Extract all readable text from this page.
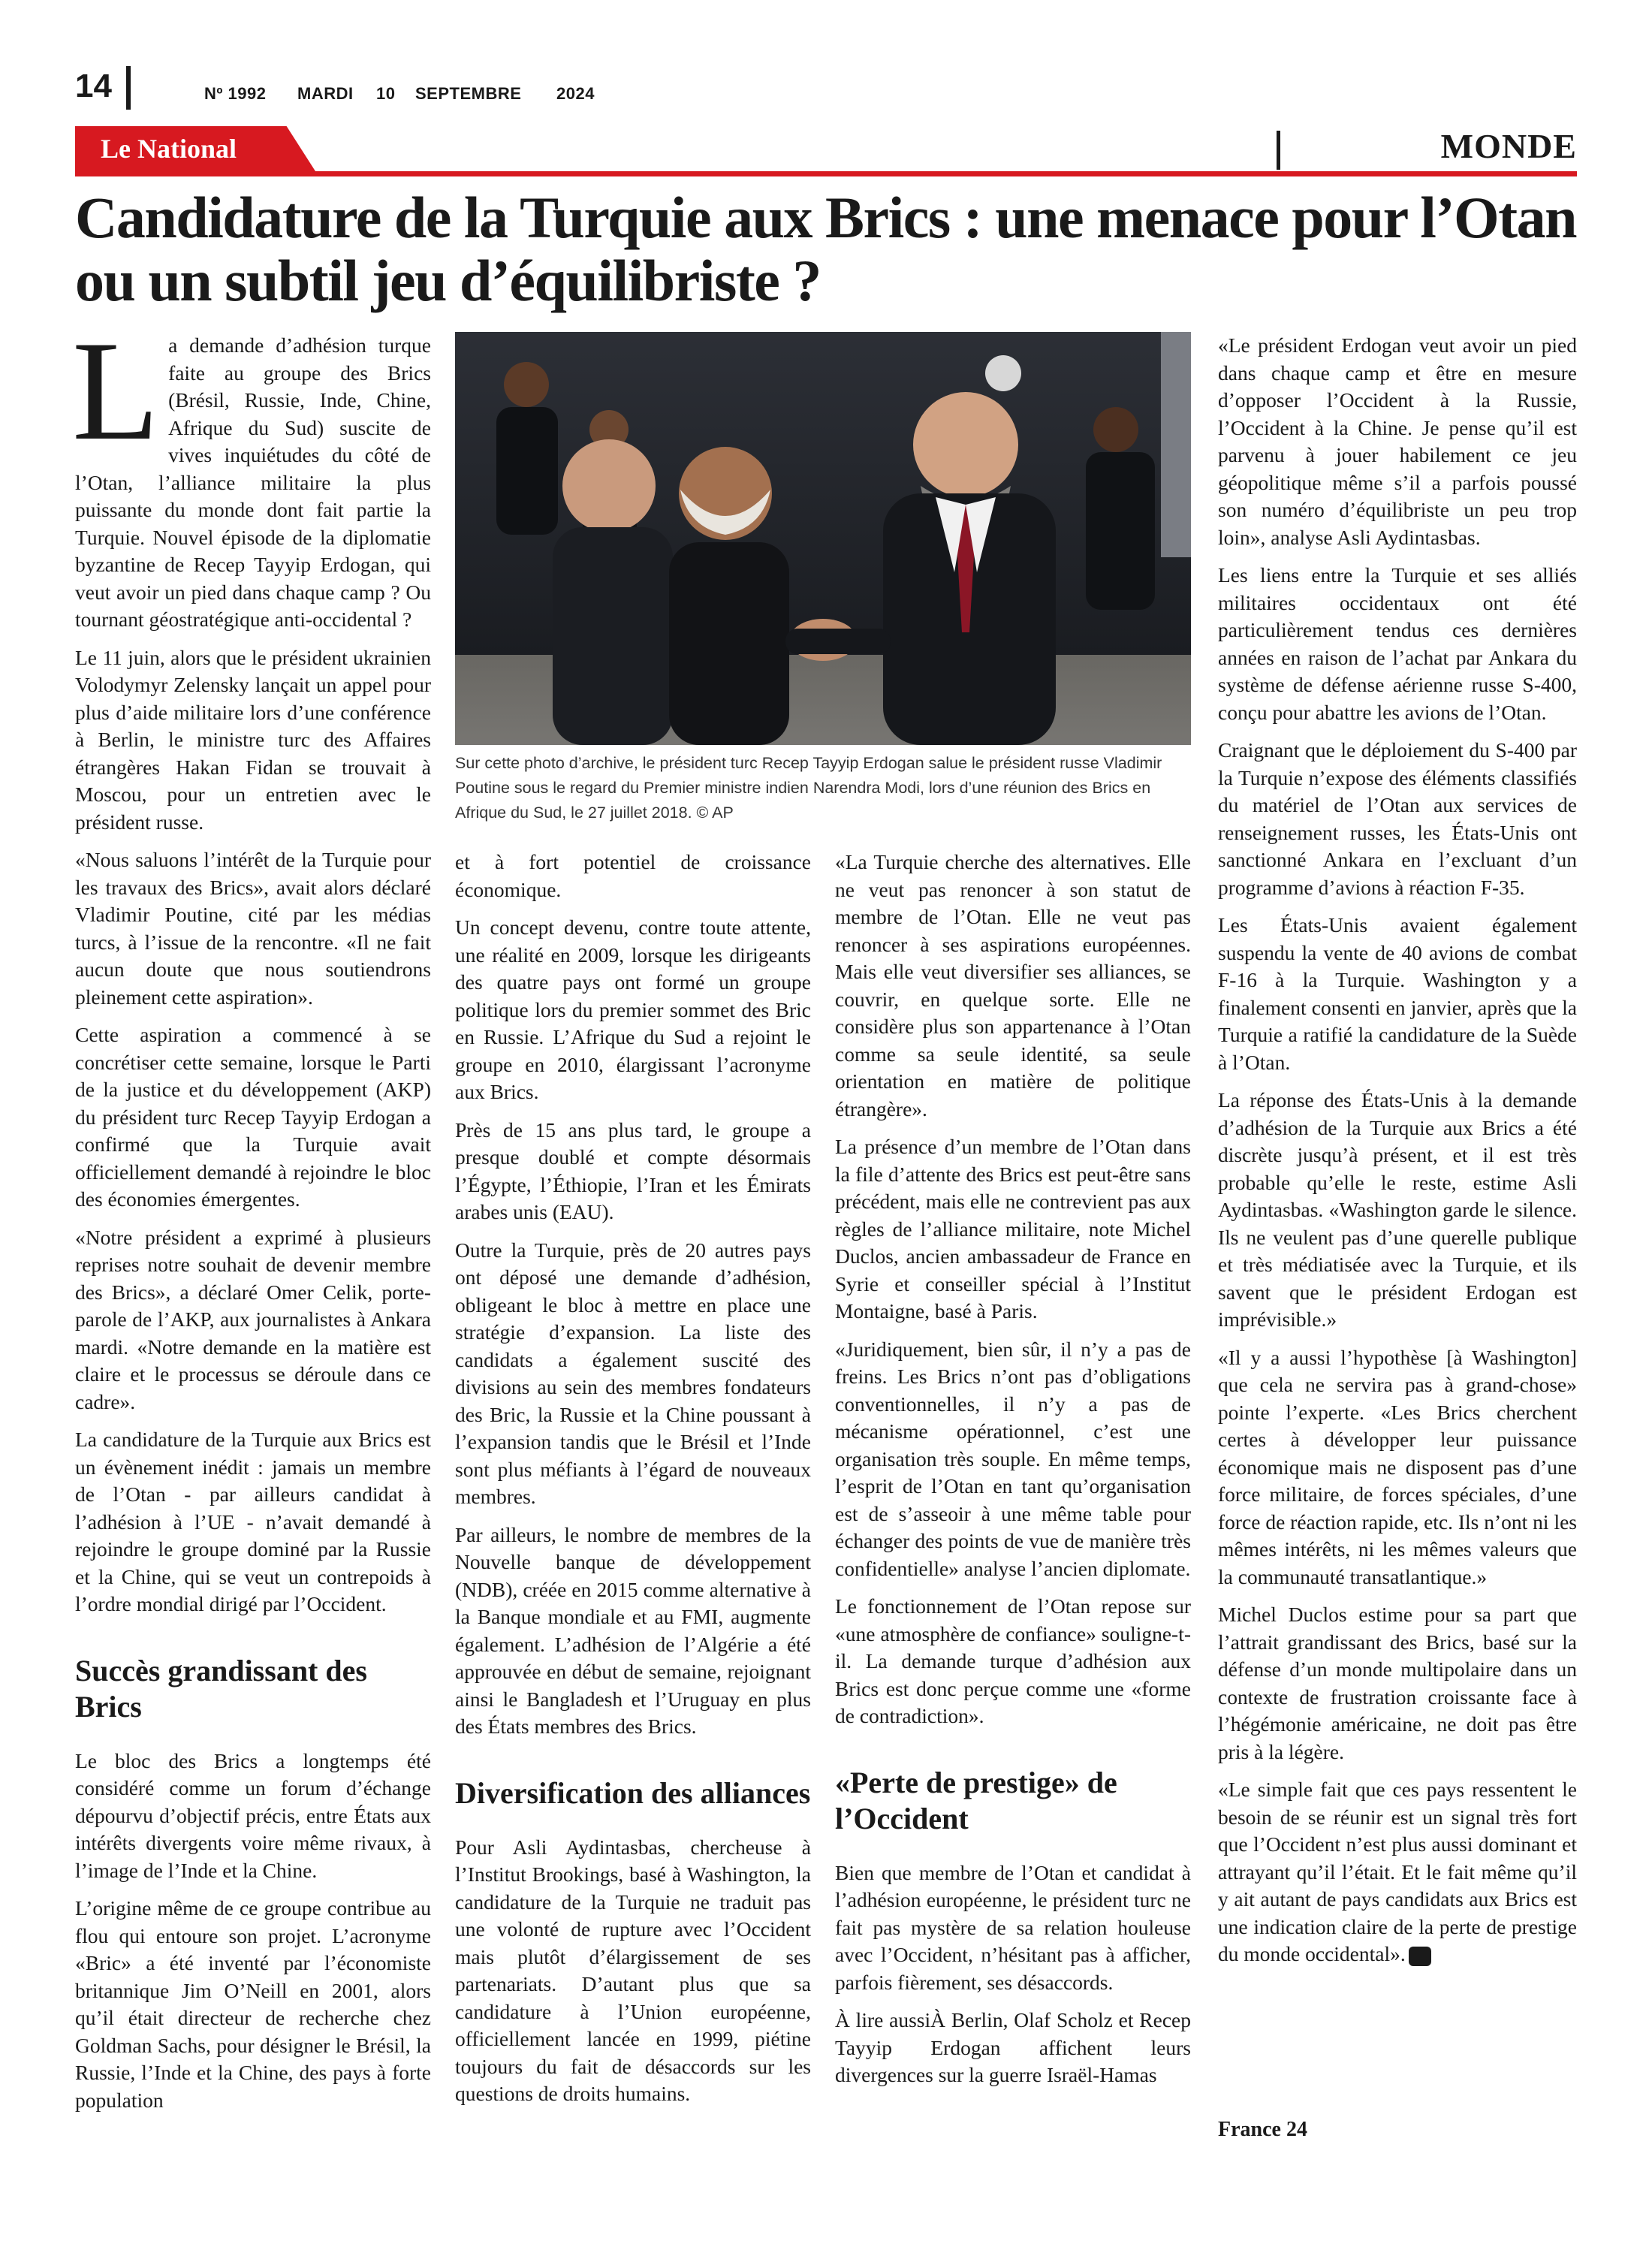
14	Nº 1992 MARDI 10 SEPTEMBRE 2024
Le National	MONDE
Candidature de la Turquie aux Brics : une menace pour l’Otan ou un subtil jeu d’équilibriste ?

La demande d’adhésion turque faite au groupe des Brics (Brésil, Russie, Inde, Chine, Afrique du Sud) suscite de vives inquiétudes du côté de l’Otan, l’alliance militaire la plus puissante du monde dont fait partie la Turquie. Nouvel épisode de la diplomatie byzantine de Recep Tayyip Erdogan, qui veut avoir un pied dans chaque camp ? Ou tournant géostratégique anti-occidental ?

Le 11 juin, alors que le président ukrainien Volodymyr Zelensky lançait un appel pour plus d’aide militaire lors d’une conférence à Berlin, le ministre turc des Affaires étrangères Hakan Fidan se trouvait à Moscou, pour un entretien avec le président russe.

«Nous saluons l’intérêt de la Turquie pour les travaux des Brics», avait alors déclaré Vladimir Poutine, cité par les médias turcs, à l’issue de la rencontre. «Il ne fait aucun doute que nous soutiendrons pleinement cette aspiration».

Cette aspiration a commencé à se concrétiser cette semaine, lorsque le Parti de la justice et du développement (AKP) du président turc Recep Tayyip Erdogan a confirmé que la Turquie avait officiellement demandé à rejoindre le bloc des économies émergentes.

«Notre président a exprimé à plusieurs reprises notre souhait de devenir membre des Brics», a déclaré Omer Celik, porte-parole de l’AKP, aux journalistes à Ankara mardi. «Notre demande en la matière est claire et le processus se déroule dans ce cadre».

La candidature de la Turquie aux Brics est un évènement inédit : jamais un membre de l’Otan - par ailleurs candidat à l’adhésion à l’UE - n’avait demandé à rejoindre le groupe dominé par la Russie et la Chine, qui se veut un contrepoids à l’ordre mondial dirigé par l’Occident.

Succès grandissant des Brics

Le bloc des Brics a longtemps été considéré comme un forum d’échange dépourvu d’objectif précis, entre États aux intérêts divergents voire même rivaux, à l’image de l’Inde et la Chine.

L’origine même de ce groupe contribue au flou qui entoure son projet. L’acronyme «Bric» a été inventé par l’économiste britannique Jim O’Neill en 2001, alors qu’il était directeur de recherche chez Goldman Sachs, pour désigner le Brésil, la Russie, l’Inde et la Chine, des pays à forte population

Sur cette photo d’archive, le président turc Recep Tayyip Erdogan salue le président russe Vladimir Poutine sous le regard du Premier ministre indien Narendra Modi, lors d’une réunion des Brics en Afrique du Sud, le 27 juillet 2018. © AP

et à fort potentiel de croissance économique.

Un concept devenu, contre toute attente, une réalité en 2009, lorsque les dirigeants des quatre pays ont formé un groupe politique lors du premier sommet des Bric en Russie. L’Afrique du Sud a rejoint le groupe en 2010, élargissant l’acronyme aux Brics.

Près de 15 ans plus tard, le groupe a presque doublé et compte désormais l’Égypte, l’Éthiopie, l’Iran et les Émirats arabes unis (EAU).

Outre la Turquie, près de 20 autres pays ont déposé une demande d’adhésion, obligeant le bloc à mettre en place une stratégie d’expansion. La liste des candidats a également suscité des divisions au sein des membres fondateurs des Bric, la Russie et la Chine poussant à l’expansion tandis que le Brésil et l’Inde sont plus méfiants à l’égard de nouveaux membres.

Par ailleurs, le nombre de membres de la Nouvelle banque de développement (NDB), créée en 2015 comme alternative à la Banque mondiale et au FMI, augmente également. L’adhésion de l’Algérie a été approuvée en début de semaine, rejoignant ainsi le Bangladesh et l’Uruguay en plus des États membres des Brics.

Diversification des alliances

Pour Asli Aydintasbas, chercheuse à l’Institut Brookings, basé à Washington, la candidature de la Turquie ne traduit pas une volonté de rupture avec l’Occident mais plutôt d’élargissement de ses partenariats. D’autant plus que sa candidature à l’Union européenne, officiellement lancée en 1999, piétine toujours du fait de désaccords sur les questions de droits humains.

«La Turquie cherche des alternatives. Elle ne veut pas renoncer à son statut de membre de l’Otan. Elle ne veut pas renoncer à ses aspirations européennes. Mais elle veut diversifier ses alliances, se couvrir, en quelque sorte. Elle ne considère plus son appartenance à l’Otan comme sa seule identité, sa seule orientation en matière de politique étrangère».

La présence d’un membre de l’Otan dans la file d’attente des Brics est peut-être sans précédent, mais elle ne contrevient pas aux règles de l’alliance militaire, note Michel Duclos, ancien ambassadeur de France en Syrie et conseiller spécial à l’Institut Montaigne, basé à Paris.

«Juridiquement, bien sûr, il n’y a pas de freins. Les Brics n’ont pas d’obligations conventionnelles, il n’y a pas de mécanisme opérationnel, c’est une organisation très souple. En même temps, l’esprit de l’Otan en tant qu’organisation est de s’asseoir à une même table pour échanger des points de vue de manière très confidentielle» analyse l’ancien diplomate.

Le fonctionnement de l’Otan repose sur «une atmosphère de confiance» souligne-t-il. La demande turque d’adhésion aux Brics est donc perçue comme une «forme de contradiction».

«Perte de prestige» de l’Occident

Bien que membre de l’Otan et candidat à l’adhésion européenne, le président turc ne fait pas mystère de sa relation houleuse avec l’Occident, n’hésitant pas à afficher, parfois fièrement, ses désaccords.

À lire aussiÀ Berlin, Olaf Scholz et Recep Tayyip Erdogan affichent leurs divergences sur la guerre Israël-Hamas

«Le président Erdogan veut avoir un pied dans chaque camp et être en mesure d’opposer l’Occident à la Russie, l’Occident à la Chine. Je pense qu’il est parvenu à jouer habilement ce jeu géopolitique même s’il a parfois poussé son numéro d’équilibriste un peu trop loin», analyse Asli Aydintasbas.

Les liens entre la Turquie et ses alliés militaires occidentaux ont été particulièrement tendus ces dernières années en raison de l’achat par Ankara du système de défense aérienne russe S-400, conçu pour abattre les avions de l’Otan.

Craignant que le déploiement du S-400 par la Turquie n’expose des éléments classifiés du matériel de l’Otan aux services de renseignement russes, les États-Unis ont sanctionné Ankara en l’excluant d’un programme d’avions à réaction F-35.

Les États-Unis avaient également suspendu la vente de 40 avions de combat F-16 à la Turquie. Washington y a finalement consenti en janvier, après que la Turquie a ratifié la candidature de la Suède à l’Otan.

La réponse des États-Unis à la demande d’adhésion de la Turquie aux Brics a été discrète jusqu’à présent, et il est très probable qu’elle le reste, estime Asli Aydintasbas. «Washington garde le silence. Ils ne veulent pas d’une querelle publique et très médiatisée avec la Turquie, et ils savent que le président Erdogan est imprévisible.»

«Il y a aussi l’hypothèse [à Washington] que cela ne servira pas à grand-chose» pointe l’experte. «Les Brics cherchent certes à développer leur puissance économique mais ne disposent pas d’une force militaire, de forces spéciales, d’une force de réaction rapide, etc. Ils n’ont ni les mêmes intérêts, ni les mêmes valeurs que la communauté transatlantique.»

Michel Duclos estime pour sa part que l’attrait grandissant des Brics, basé sur la défense d’un monde multipolaire dans un contexte de frustration croissante face à l’hégémonie américaine, ne doit pas être pris à la légère.

«Le simple fait que ces pays ressentent le besoin de se réunir est un signal très fort que l’Occident n’est plus aussi dominant et attrayant qu’il l’était. Et le fait même qu’il y ait autant de pays candidats aux Brics est une indication claire de la perte de prestige du monde occidental».

France 24
